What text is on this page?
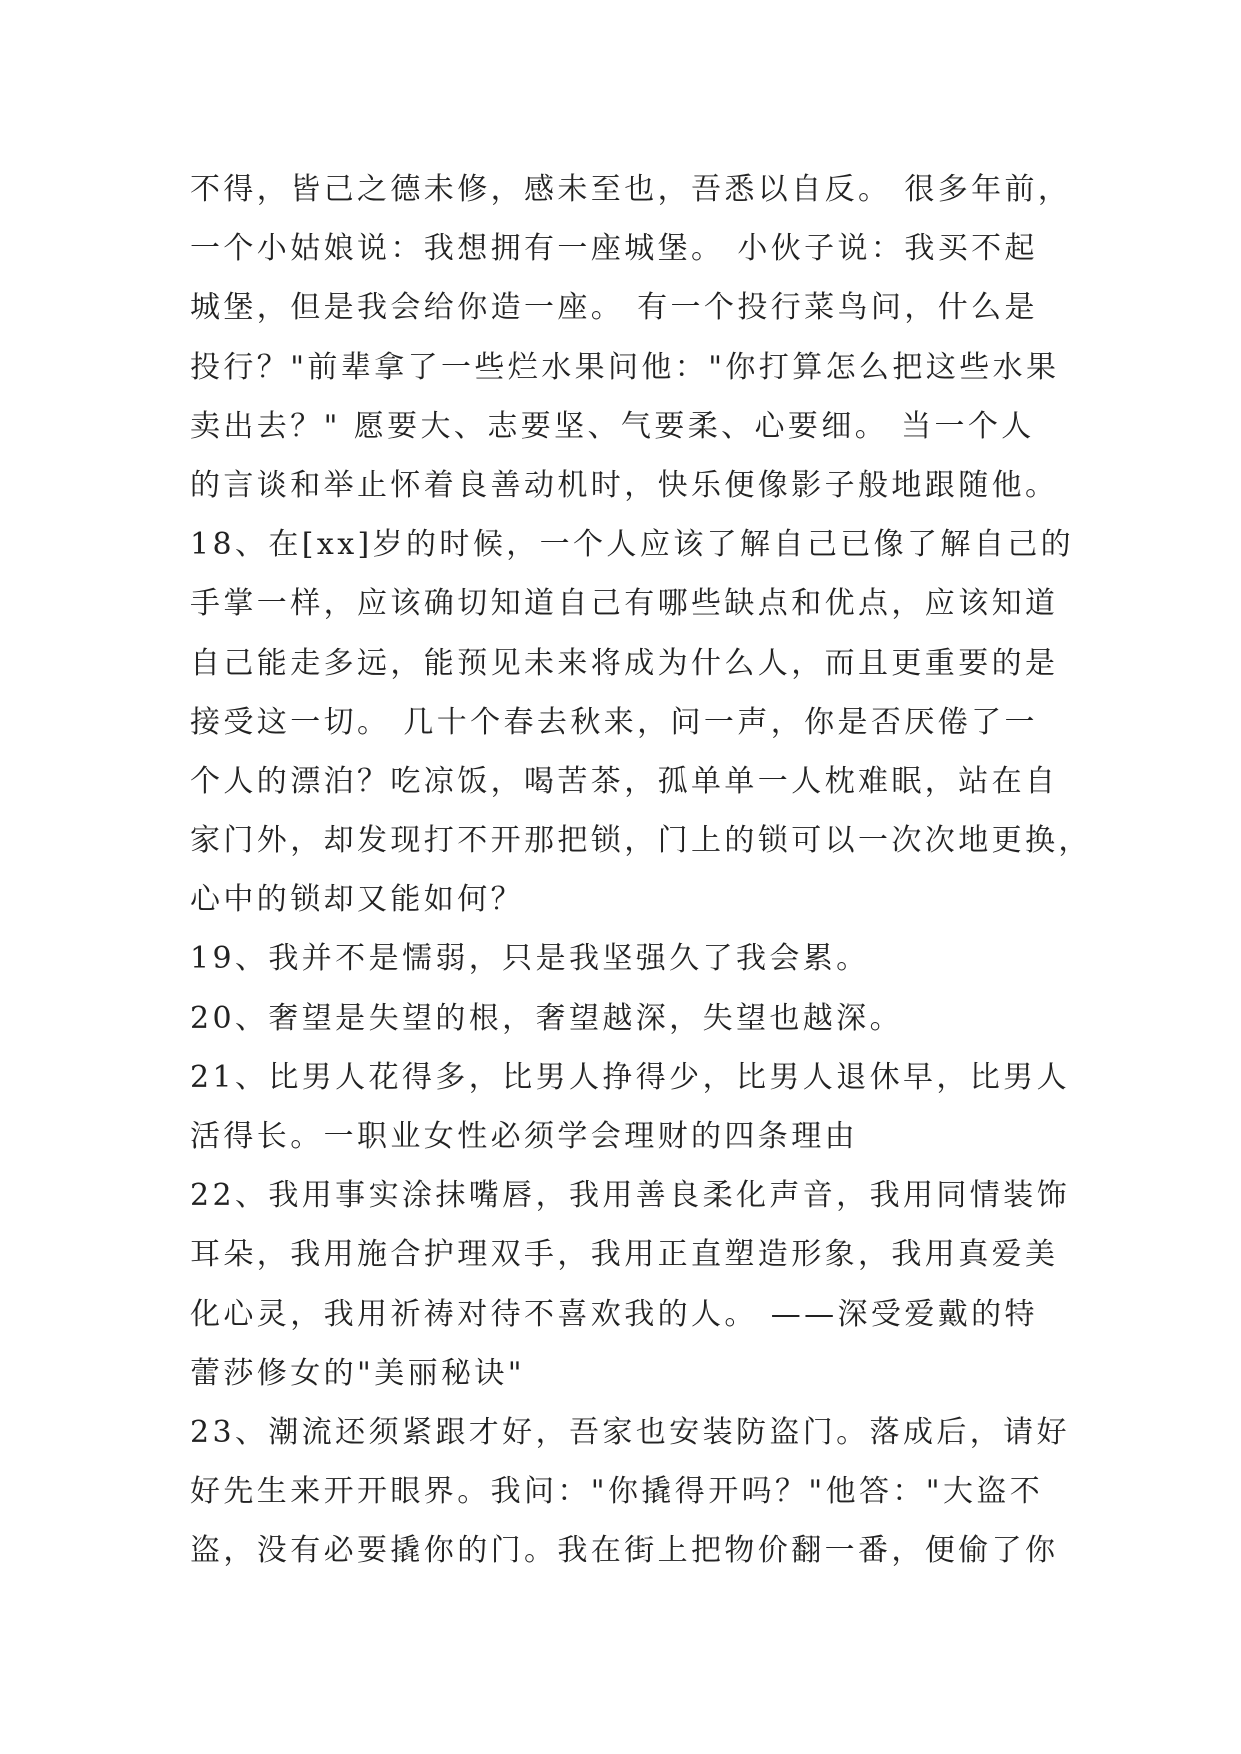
不得，皆己之德未修，感未至也，吾悉以自反。 很多年前，
一个小姑娘说：我想拥有一座城堡。 小伙子说：我买不起
城堡，但是我会给你造一座。 有一个投行菜鸟问，什么是
投行？"前辈拿了一些烂水果问他："你打算怎么把这些水果
卖出去？" 愿要大、志要坚、气要柔、心要细。 当一个人
的言谈和举止怀着良善动机时，快乐便像影子般地跟随他。
18、在[xx]岁的时候，一个人应该了解自己已像了解自己的
手掌一样，应该确切知道自己有哪些缺点和优点，应该知道
自己能走多远，能预见未来将成为什么人，而且更重要的是
接受这一切。 几十个春去秋来，问一声，你是否厌倦了一
个人的漂泊？吃凉饭，喝苦茶，孤单单一人枕难眠，站在自
家门外，却发现打不开那把锁，门上的锁可以一次次地更换，
心中的锁却又能如何？
19、我并不是懦弱，只是我坚强久了我会累。
20、奢望是失望的根，奢望越深，失望也越深。
21、比男人花得多，比男人挣得少，比男人退休早，比男人
活得长。一职业女性必须学会理财的四条理由
22、我用事实涂抹嘴唇，我用善良柔化声音，我用同情装饰
耳朵，我用施合护理双手，我用正直塑造形象，我用真爱美
化心灵，我用祈祷对待不喜欢我的人。 ——深受爱戴的特
蕾莎修女的"美丽秘诀"
23、潮流还须紧跟才好，吾家也安装防盗门。落成后，请好
好先生来开开眼界。我问："你撬得开吗？"他答："大盗不
盗，没有必要撬你的门。我在街上把物价翻一番，便偷了你
